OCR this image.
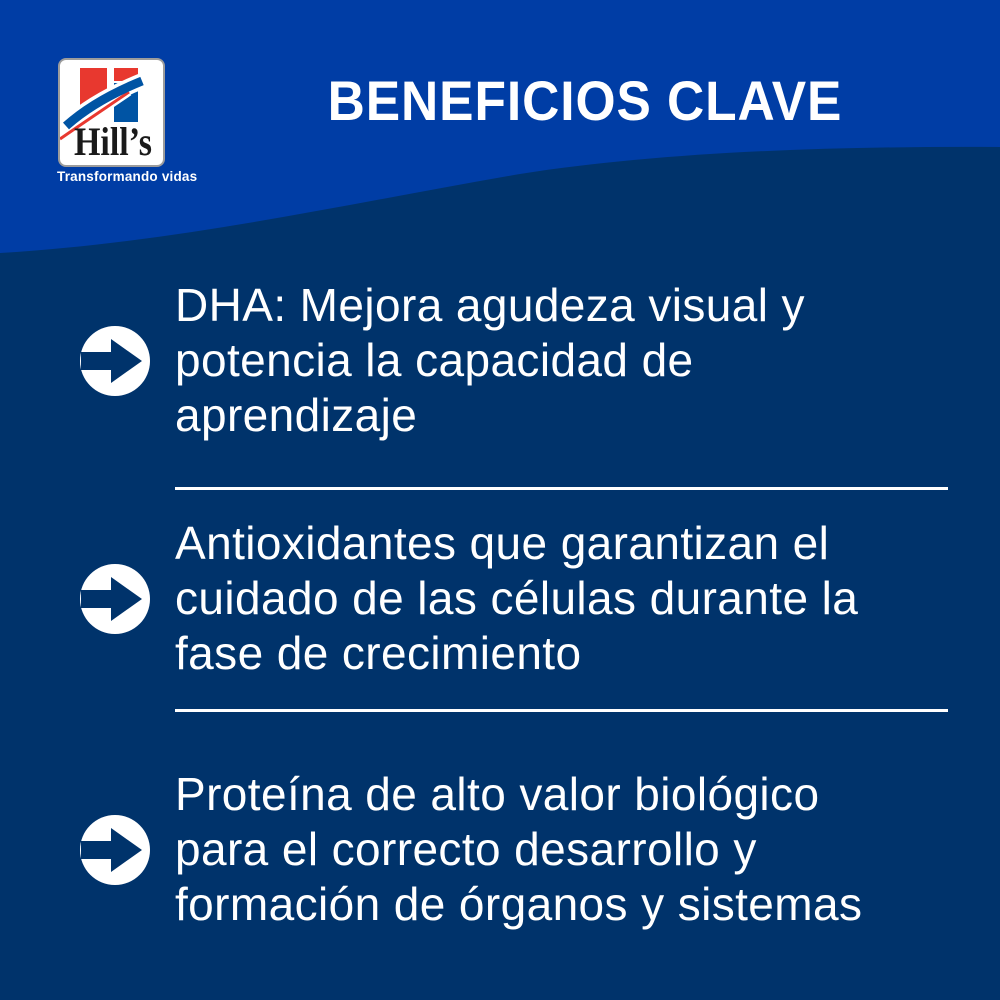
Hill’s
Transformando vidas
BENEFICIOS CLAVE
DHA: Mejora agudeza visual y
potencia la capacidad de
aprendizaje
Antioxidantes que garantizan el
cuidado de las células durante la
fase de crecimiento
Proteína de alto valor biológico
para el correcto desarrollo y
formación de órganos y sistemas
